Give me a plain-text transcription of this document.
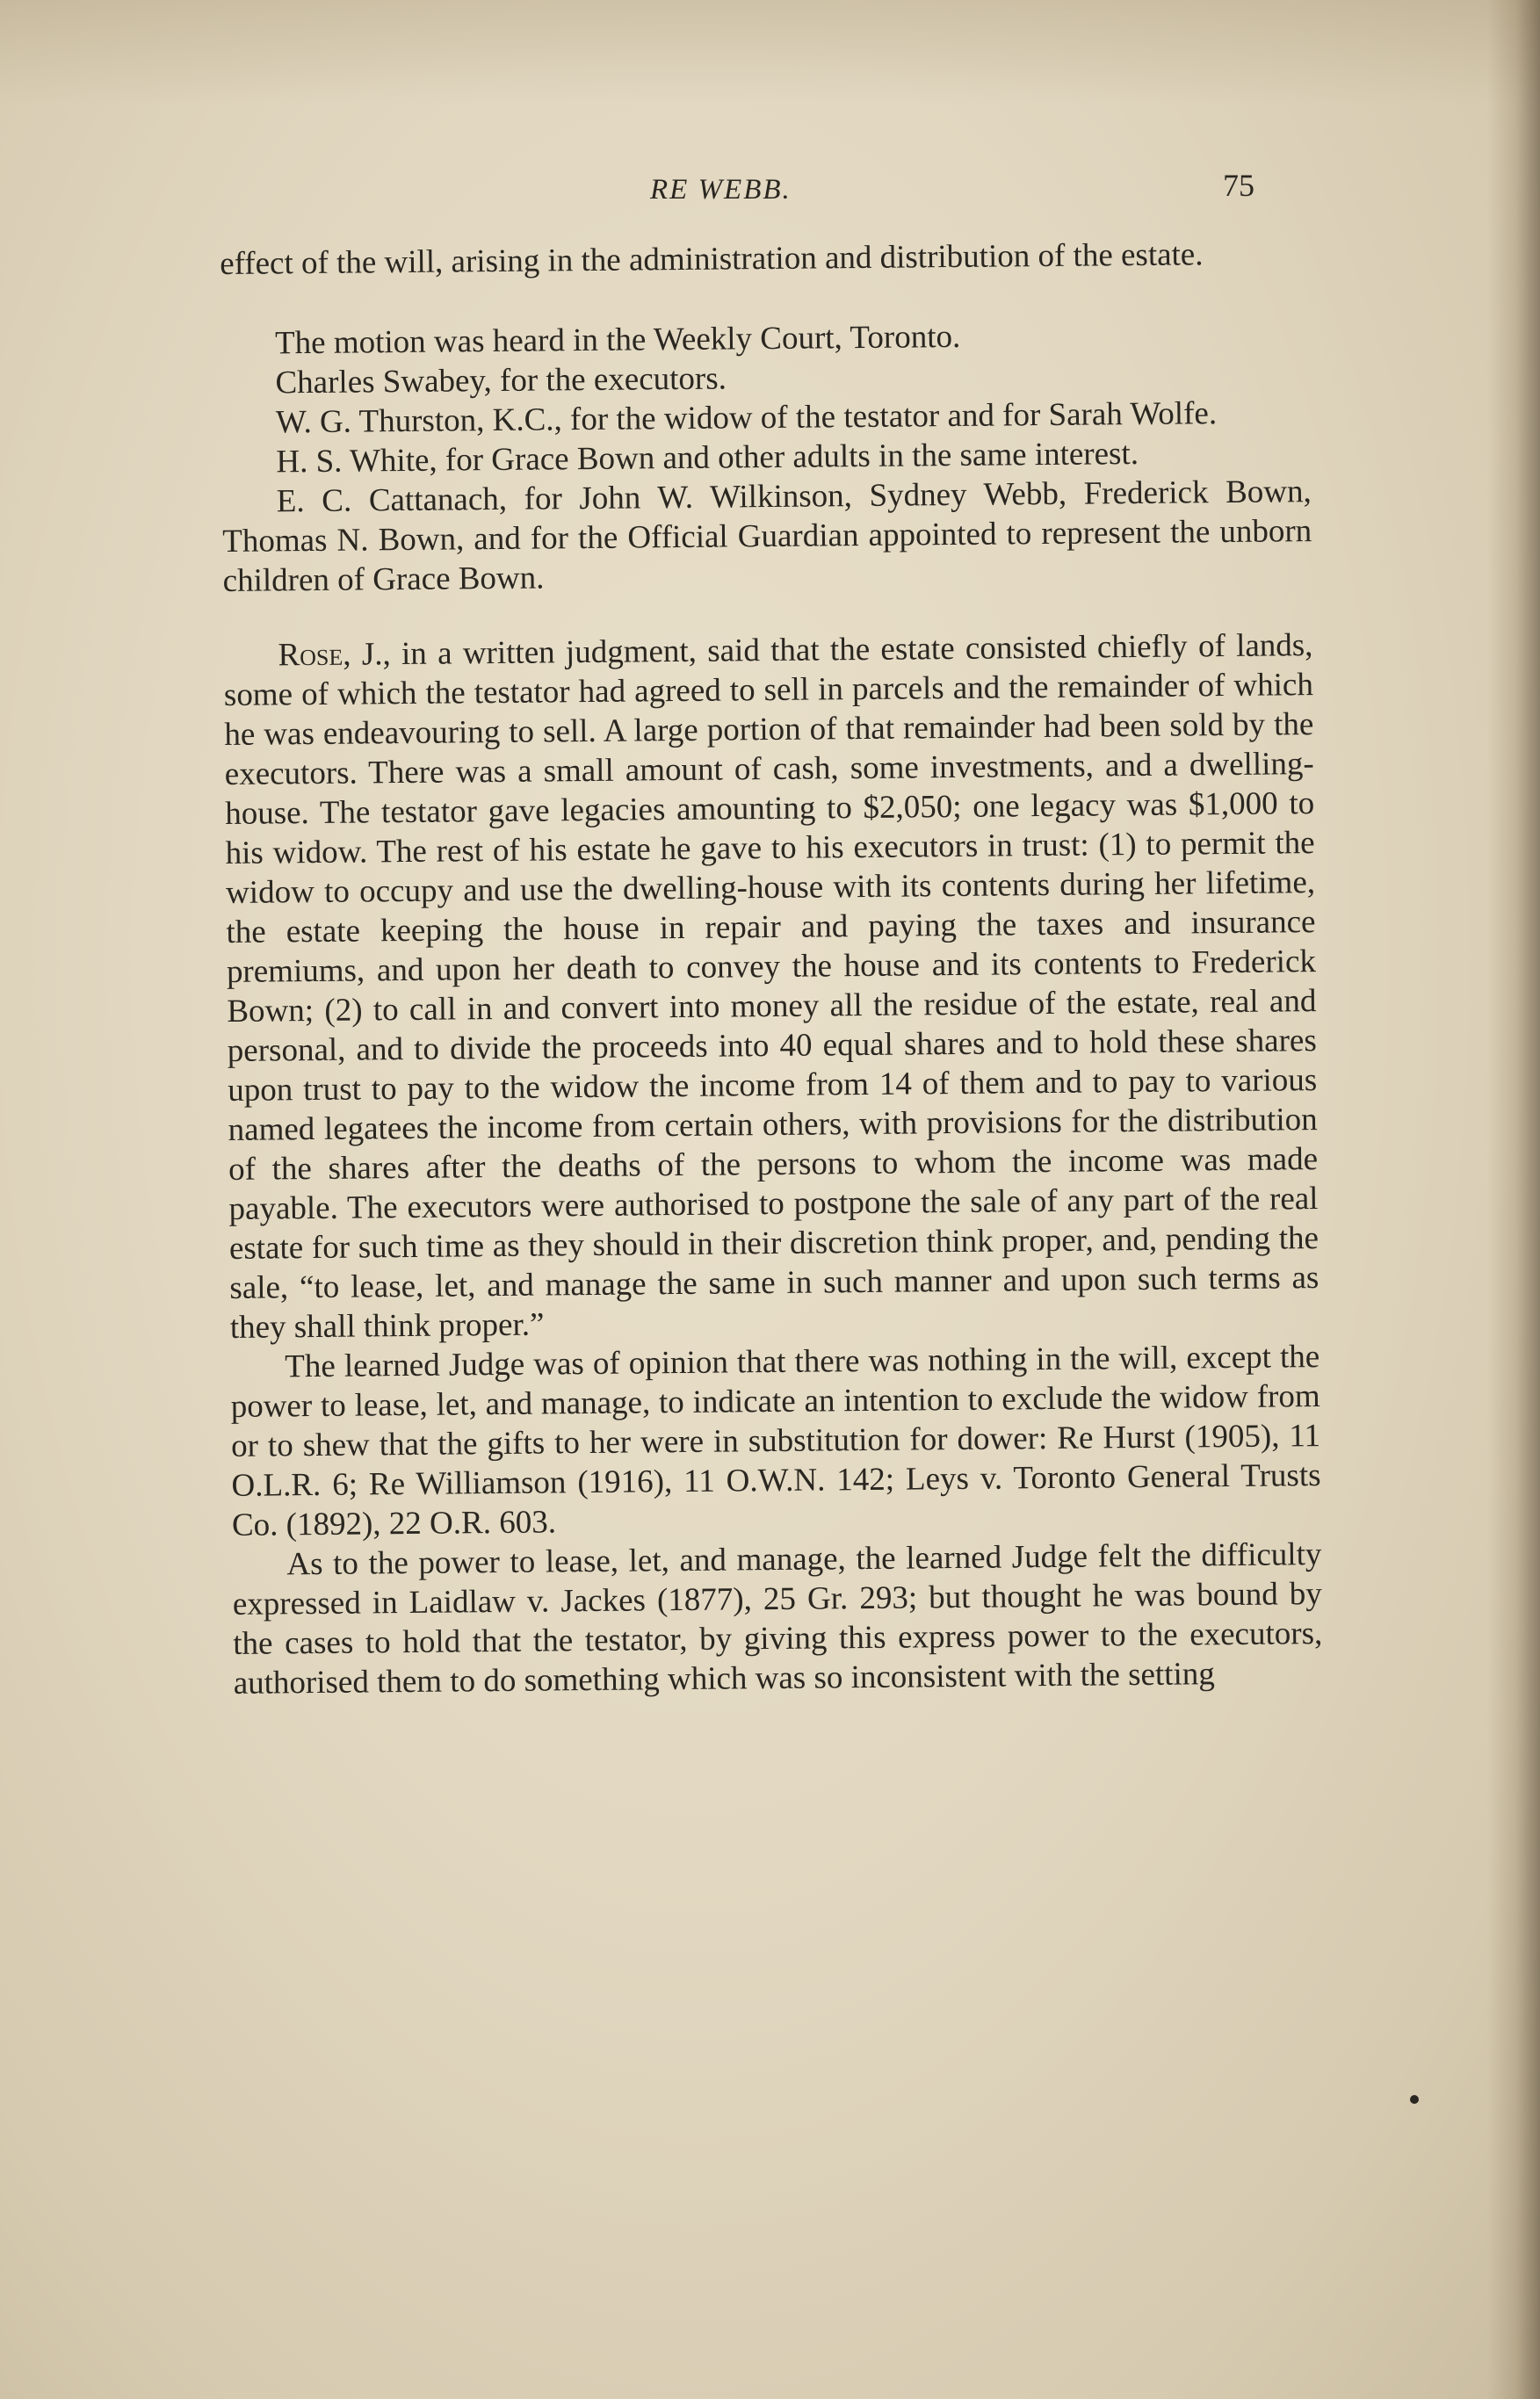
RE WEBB.	75

effect of the will, arising in the administration and distribution of the estate.

The motion was heard in the Weekly Court, Toronto.

Charles Swabey, for the executors.

W. G. Thurston, K.C., for the widow of the testator and for Sarah Wolfe.

H. S. White, for Grace Bown and other adults in the same interest.

E. C. Cattanach, for John W. Wilkinson, Sydney Webb, Frederick Bown, Thomas N. Bown, and for the Official Guardian appointed to represent the unborn children of Grace Bown.

Rose, J., in a written judgment, said that the estate consisted chiefly of lands, some of which the testator had agreed to sell in parcels and the remainder of which he was endeavouring to sell. A large portion of that remainder had been sold by the executors. There was a small amount of cash, some investments, and a dwelling-house. The testator gave legacies amounting to $2,050; one legacy was $1,000 to his widow. The rest of his estate he gave to his executors in trust: (1) to permit the widow to occupy and use the dwelling-house with its contents during her lifetime, the estate keeping the house in repair and paying the taxes and insurance premiums, and upon her death to convey the house and its contents to Frederick Bown; (2) to call in and convert into money all the residue of the estate, real and personal, and to divide the proceeds into 40 equal shares and to hold these shares upon trust to pay to the widow the income from 14 of them and to pay to various named legatees the income from certain others, with provisions for the distribution of the shares after the deaths of the persons to whom the income was made payable. The executors were authorised to postpone the sale of any part of the real estate for such time as they should in their discretion think proper, and, pending the sale, “to lease, let, and manage the same in such manner and upon such terms as they shall think proper.”

The learned Judge was of opinion that there was nothing in the will, except the power to lease, let, and manage, to indicate an intention to exclude the widow from or to shew that the gifts to her were in substitution for dower: Re Hurst (1905), 11 O.L.R. 6; Re Williamson (1916), 11 O.W.N. 142; Leys v. Toronto General Trusts Co. (1892), 22 O.R. 603.

As to the power to lease, let, and manage, the learned Judge felt the difficulty expressed in Laidlaw v. Jackes (1877), 25 Gr. 293; but thought he was bound by the cases to hold that the testator, by giving this express power to the executors, authorised them to do something which was so inconsistent with the setting
